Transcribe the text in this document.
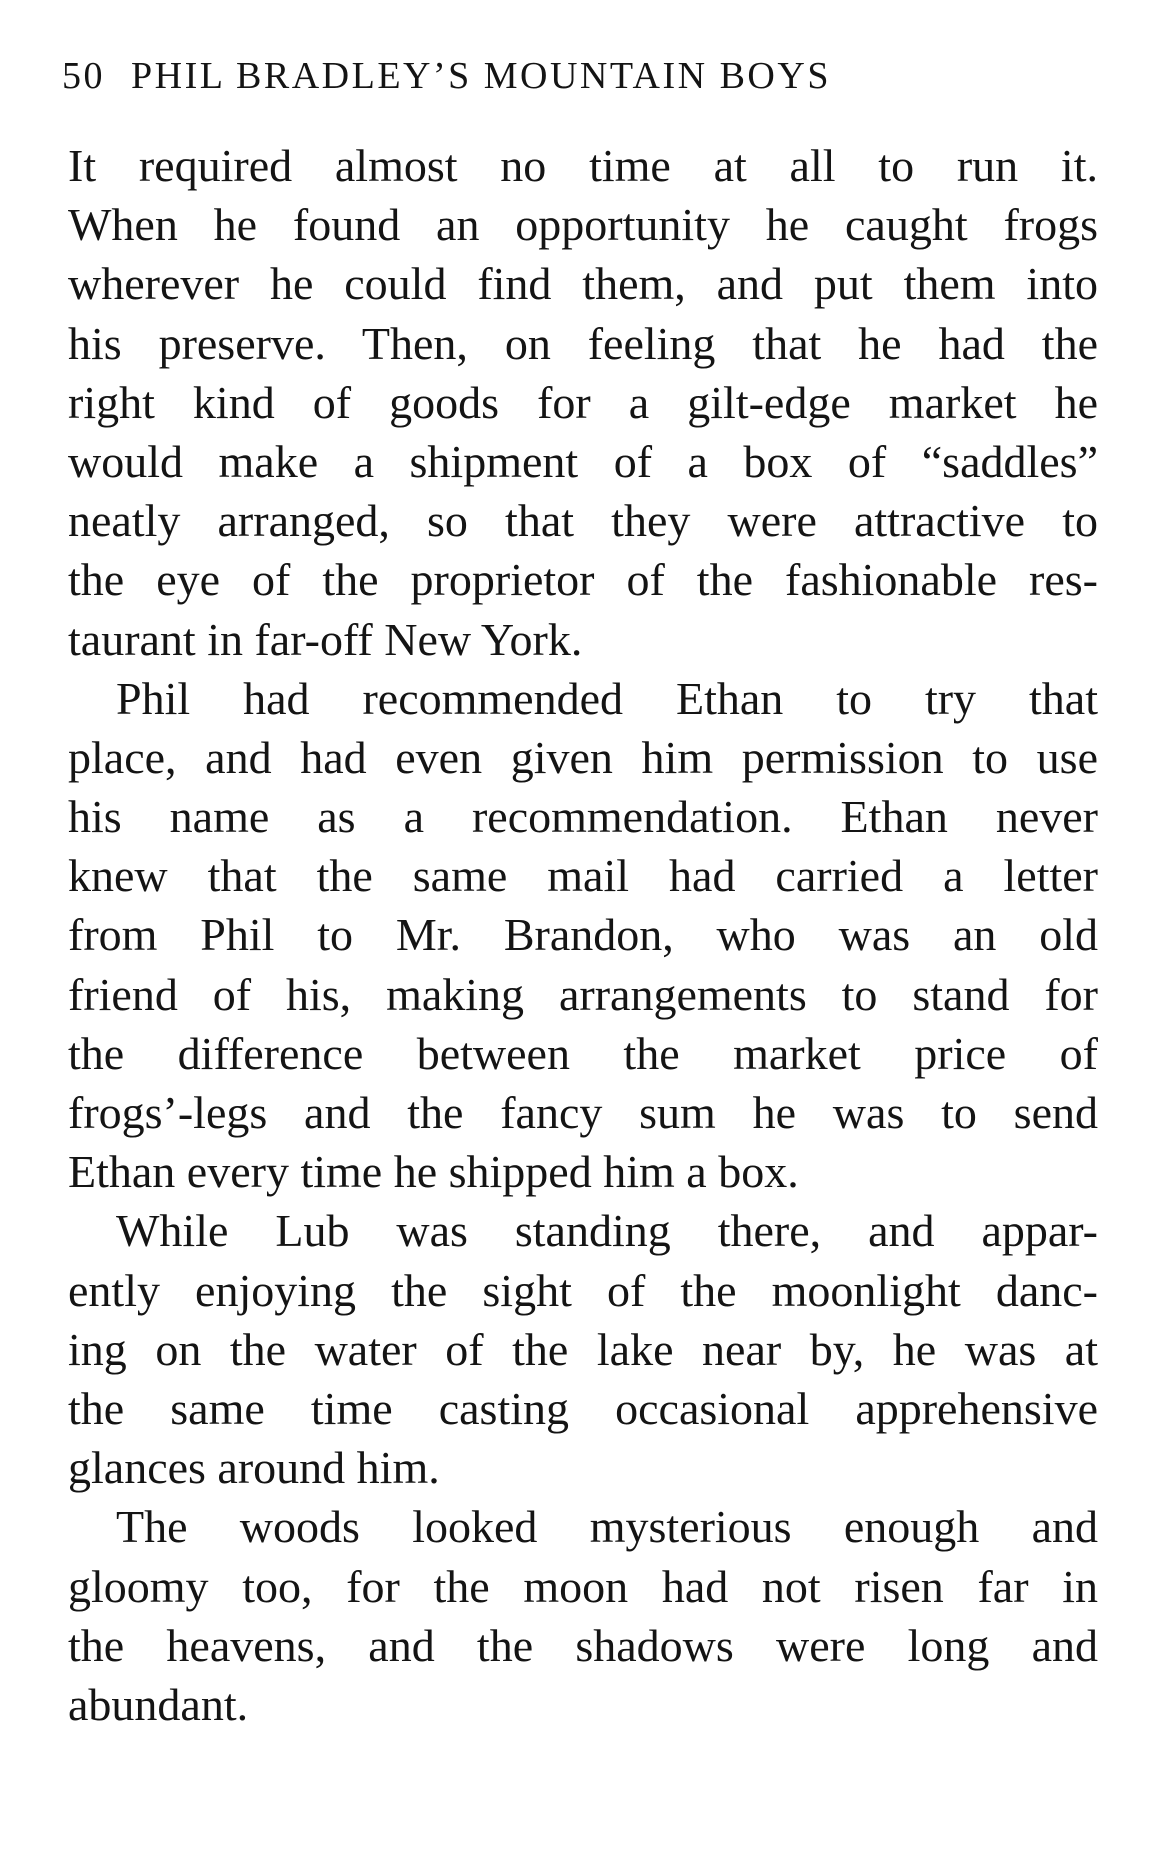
50 PHIL BRADLEY’S MOUNTAIN BOYS
It required almost no time at all to run it.
When he found an opportunity he caught frogs
wherever he could find them, and put them into
his preserve. Then, on feeling that he had the
right kind of goods for a gilt-edge market he
would make a shipment of a box of “saddles”
neatly arranged, so that they were attractive to
the eye of the proprietor of the fashionable res-
taurant in far-off New York.
Phil had recommended Ethan to try that
place, and had even given him permission to use
his name as a recommendation. Ethan never
knew that the same mail had carried a letter
from Phil to Mr. Brandon, who was an old
friend of his, making arrangements to stand for
the difference between the market price of
frogs’-legs and the fancy sum he was to send
Ethan every time he shipped him a box.
While Lub was standing there, and appar-
ently enjoying the sight of the moonlight danc-
ing on the water of the lake near by, he was at
the same time casting occasional apprehensive
glances around him.
The woods looked mysterious enough and
gloomy too, for the moon had not risen far in
the heavens, and the shadows were long and
abundant.
